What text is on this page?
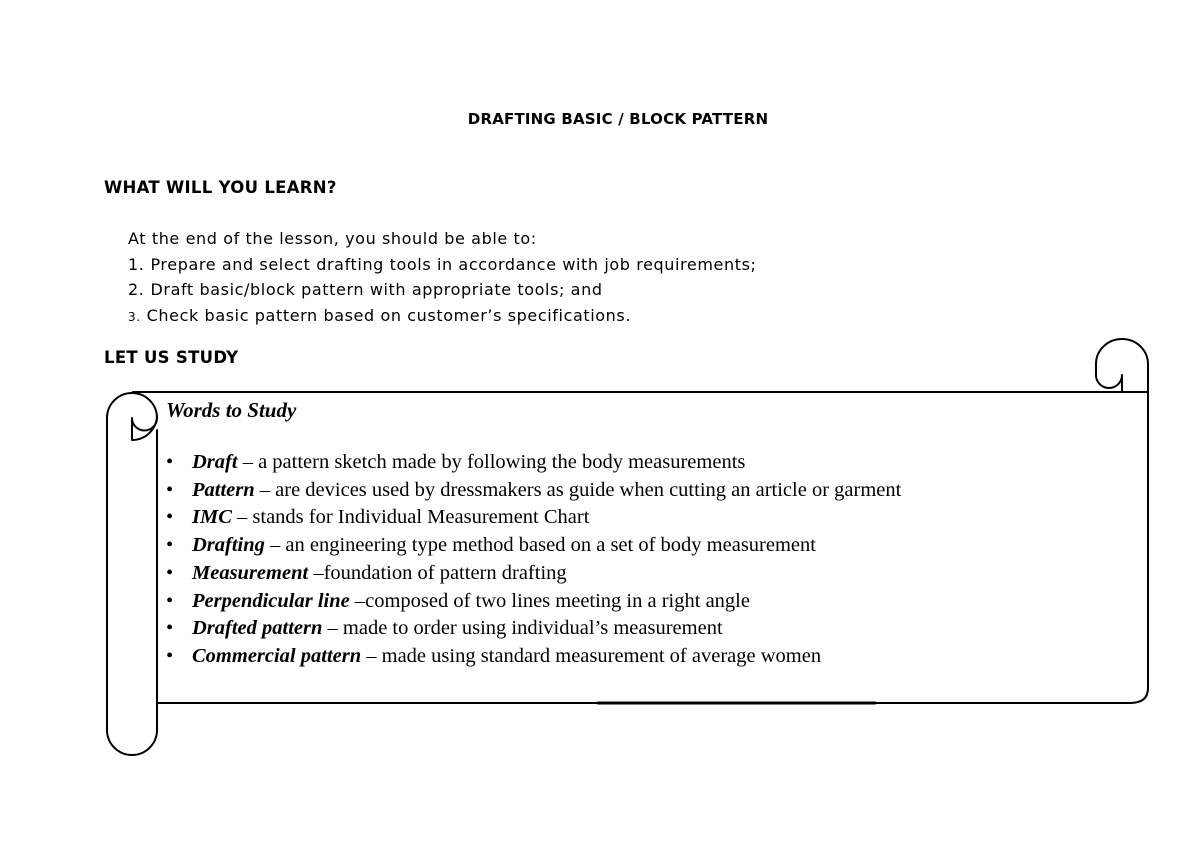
DRAFTING BASIC / BLOCK PATTERN
WHAT WILL YOU LEARN?
At the end of the lesson, you should be able to:
1. Prepare and select drafting tools in accordance with job requirements;
2. Draft basic/block pattern with appropriate tools; and
3. Check basic pattern based on customer’s specifications.
LET US STUDY
Words to Study
• Draft – a pattern sketch made by following the body measurements
• Pattern – are devices used by dressmakers as guide when cutting an article or garment
• IMC – stands for Individual Measurement Chart
• Drafting – an engineering type method based on a set of body measurement
• Measurement –foundation of pattern drafting
• Perpendicular line –composed of two lines meeting in a right angle
• Drafted pattern – made to order using individual’s measurement
• Commercial pattern – made using standard measurement of average women
